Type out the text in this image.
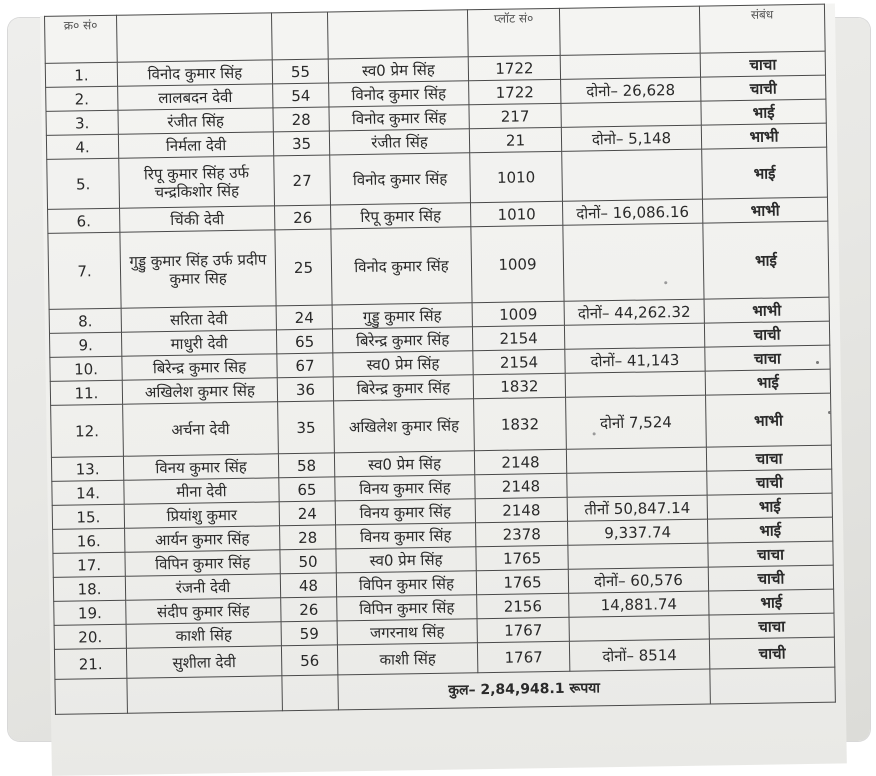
क्र० सं०				प्लॉट सं०		संबंध
1.	विनोद कुमार सिंह	55	स्व0 प्रेम सिंह	1722		चाचा
2.	लालबदन देवी	54	विनोद कुमार सिंह	1722	दोनो– 26,628	चाची
3.	रंजीत सिंह	28	विनोद कुमार सिंह	217		भाई
4.	निर्मला देवी	35	रंजीत सिंह	21	दोनो– 5,148	भाभी
5.	रिपू कुमार सिंह उर्फ चन्द्रकिशोर सिंह	27	विनोद कुमार सिंह	1010		भाई
6.	चिंकी देवी	26	रिपू कुमार सिंह	1010	दोनों– 16,086.16	भाभी
7.	गुड्डु कुमार सिंह उर्फ प्रदीप कुमार सिह	25	विनोद कुमार सिंह	1009		भाई
8.	सरिता देवी	24	गुड्डु कुमार सिंह	1009	दोनों– 44,262.32	भाभी
9.	माधुरी देवी	65	बिरेन्द्र कुमार सिंह	2154		चाची
10.	बिरेन्द्र कुमार सिह	67	स्व0 प्रेम सिंह	2154	दोनों– 41,143	चाचा
11.	अखिलेश कुमार सिंह	36	बिरेन्द्र कुमार सिंह	1832		भाई
12.	अर्चना देवी	35	अखिलेश कुमार सिंह	1832	दोनों 7,524	भाभी
13.	विनय कुमार सिंह	58	स्व0 प्रेम सिंह	2148		चाचा
14.	मीना देवी	65	विनय कुमार सिंह	2148		चाची
15.	प्रियांशु कुमार	24	विनय कुमार सिंह	2148	तीनों 50,847.14	भाई
16.	आर्यन कुमार सिंह	28	विनय कुमार सिंह	2378	9,337.74	भाई
17.	विपिन कुमार सिंह	50	स्व0 प्रेम सिंह	1765		चाचा
18.	रंजनी देवी	48	विपिन कुमार सिंह	1765	दोनों– 60,576	चाची
19.	संदीप कुमार सिंह	26	विपिन कुमार सिंह	2156	14,881.74	भाई
20.	काशी सिंह	59	जगरनाथ सिंह	1767		चाचा
21.	सुशीला देवी	56	काशी सिंह	1767	दोनों– 8514	चाची
			कुल– 2,84,948.1 रूपया			
